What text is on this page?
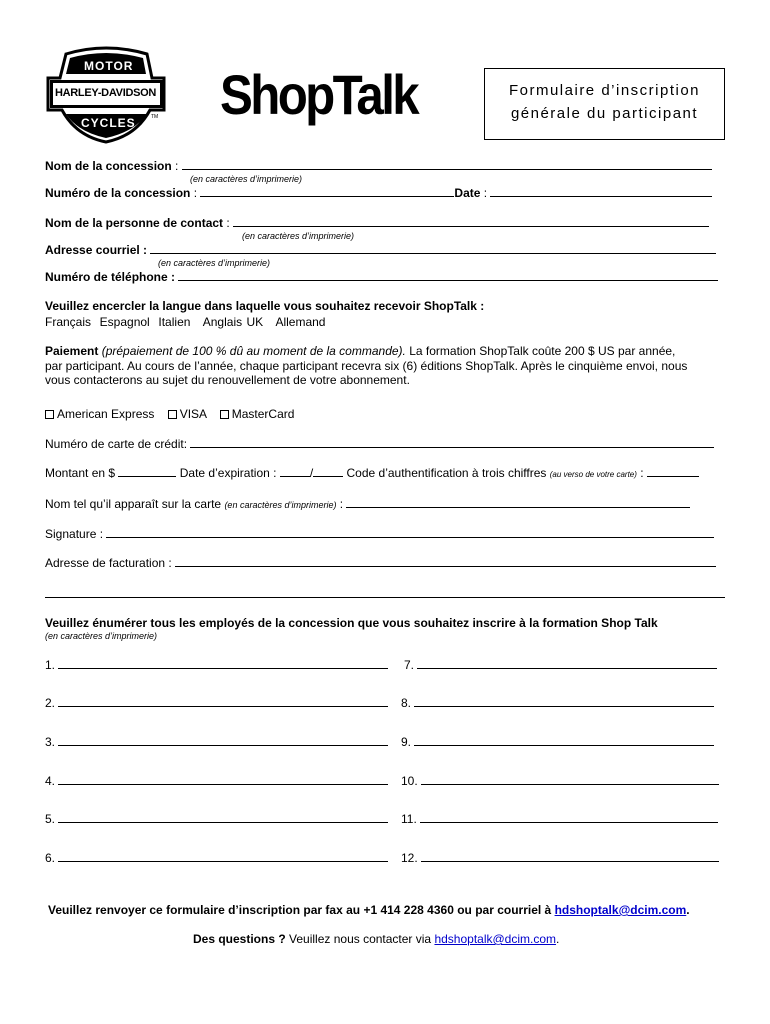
MOTOR
HARLEY-DAVIDSON
CYCLES	TM ShopTalk	Formulaire d’inscription
générale du participant
Nom de la concession :
(en caractères d’imprimerie)
Numéro de la concession :	Date :
Nom de la personne de contact :
(en caractères d’imprimerie)
Adresse courriel :
(en caractères d’imprimerie)
Numéro de téléphone :
Veuillez encercler la langue dans laquelle vous souhaitez recevoir ShopTalk :
Français  Espagnol  Italien   Anglais UK   Allemand
Paiement (prépaiement de 100 % dû au moment de la commande). La formation ShopTalk coûte 200 $ US par année,
par participant. Au cours de l’année, chaque participant recevra six (6) éditions ShopTalk. Après le cinquième envoi, nous
vous contacterons au sujet du renouvellement de votre abonnement.
American Express VISA MasterCard
Numéro de carte de crédit:
Montant en $	Date d’expiration :	/	Code d’authentification à trois chiffres (au verso de votre carte) :
Nom tel qu’il apparaît sur la carte (en caractères d’imprimerie) :
Signature :
Adresse de facturation :
Veuillez énumérer tous les employés de la concession que vous souhaitez inscrire à la formation Shop Talk
(en caractères d’imprimerie)
1.
2.
3.
4.
5.
6.
7.
8.
9.
10.
11.
12.
Veuillez renvoyer ce formulaire d’inscription par fax au +1 414 228 4360 ou par courriel à hdshoptalk@dcim.com.
Des questions ? Veuillez nous contacter via hdshoptalk@dcim.com.
